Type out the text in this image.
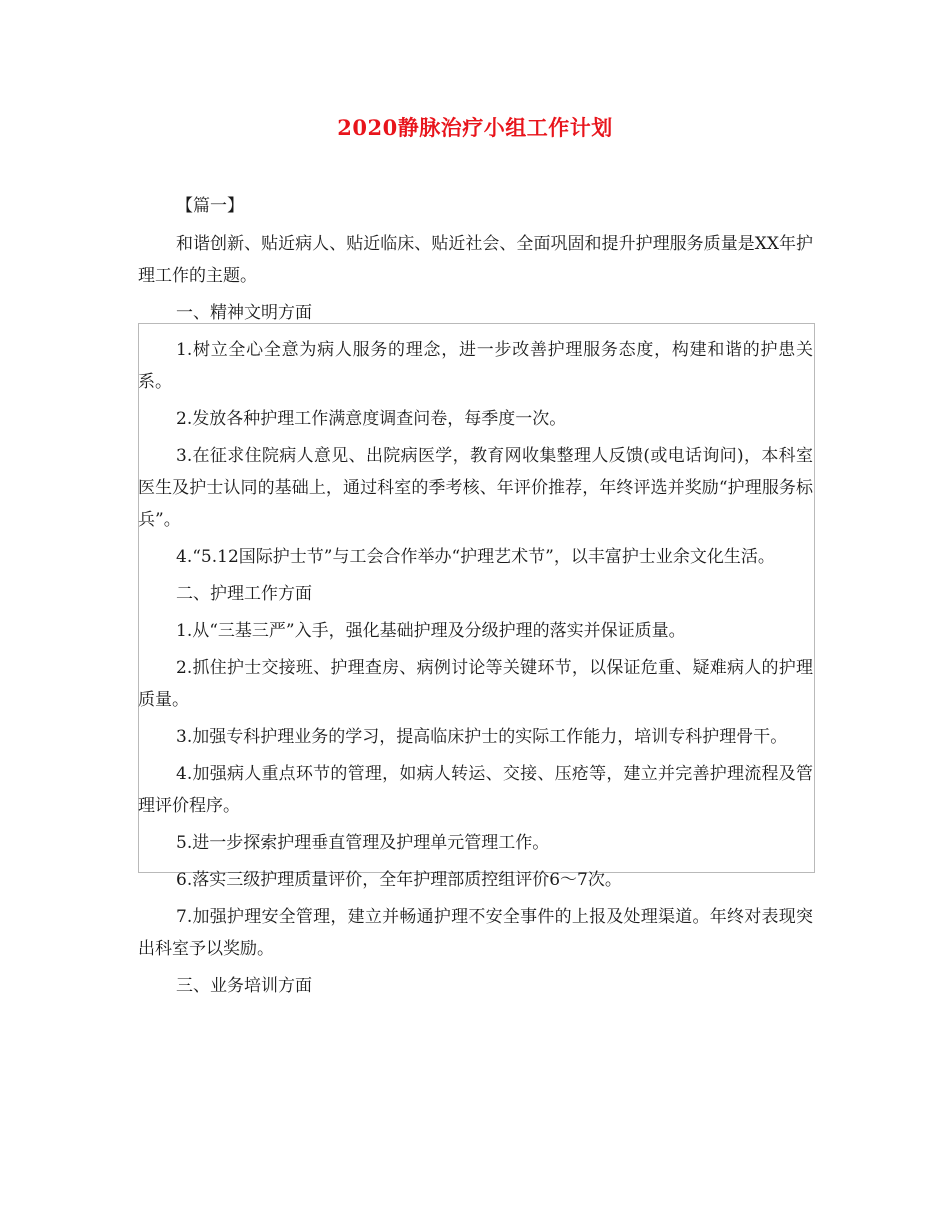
2020静脉治疗小组工作计划

【篇一】

和谐创新、贴近病人、贴近临床、贴近社会、全面巩固和提升护理服务质量是XX年护理工作的主题。

一、精神文明方面

1.树立全心全意为病人服务的理念，进一步改善护理服务态度，构建和谐的护患关系。

2.发放各种护理工作满意度调查问卷，每季度一次。

3.在征求住院病人意见、出院病医学，教育网收集整理人反馈(或电话询问)，本科室医生及护士认同的基础上，通过科室的季考核、年评价推荐，年终评选并奖励“护理服务标兵”。

4.“5.12国际护士节”与工会合作举办“护理艺术节”，以丰富护士业余文化生活。

二、护理工作方面

1.从“三基三严”入手，强化基础护理及分级护理的落实并保证质量。

2.抓住护士交接班、护理查房、病例讨论等关键环节，以保证危重、疑难病人的护理质量。

3.加强专科护理业务的学习，提高临床护士的实际工作能力，培训专科护理骨干。

4.加强病人重点环节的管理，如病人转运、交接、压疮等，建立并完善护理流程及管理评价程序。

5.进一步探索护理垂直管理及护理单元管理工作。

6.落实三级护理质量评价，全年护理部质控组评价6～7次。

7.加强护理安全管理，建立并畅通护理不安全事件的上报及处理渠道。年终对表现突出科室予以奖励。

三、业务培训方面
